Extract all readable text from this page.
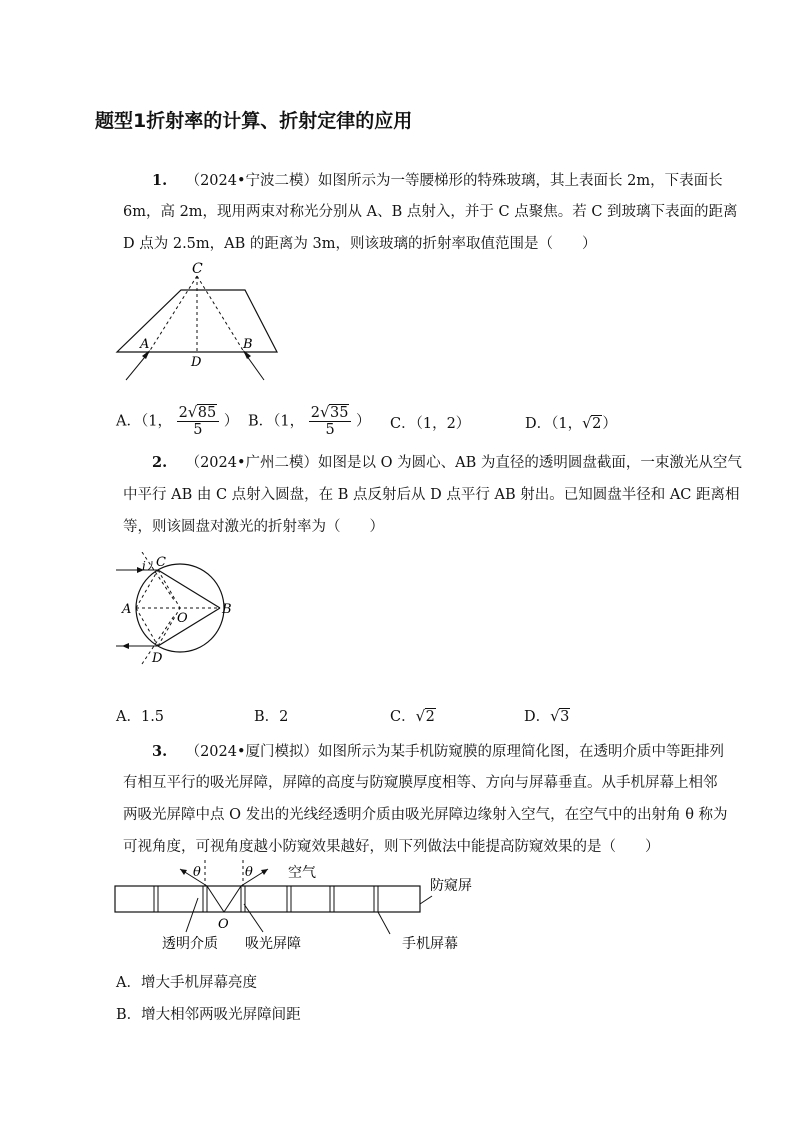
题型1折射率的计算、折射定律的应用
1. （2024•宁波二模）如图所示为一等腰梯形的特殊玻璃，其上表面长 2m，下表面长
6m，高 2m，现用两束对称光分别从 A、B 点射入，并于 C 点聚焦。若 C 到玻璃下表面的距离
D 点为 2.5m，AB 的距离为 3m，则该玻璃的折射率取值范围是（　　）
C
A	B
D
A．（1， $\frac{2 √ 85}{5}$ ） B．（1， $\frac{2 √ 35}{5}$ ） C．（1，2）	D．（1， √ 2）
2. （2024•广州二模）如图是以 O 为圆心、AB 为直径的透明圆盘截面，一束激光从空气
中平行 AB 由 C 点射入圆盘，在 B 点反射后从 D 点平行 AB 射出。已知圆盘半径和 AC 距离相
等，则该圆盘对激光的折射率为（　　）
C
i
A
O
B
D
A．1.5	B．2	C． √ 2	D． √ 3
3. （2024•厦门模拟）如图所示为某手机防窥膜的原理简化图，在透明介质中等距排列
有相互平行的吸光屏障，屏障的高度与防窥膜厚度相等、方向与屏幕垂直。从手机屏幕上相邻
两吸光屏障中点 O 发出的光线经透明介质由吸光屏障边缘射入空气，在空气中的出射角 θ 称为
可视角度，可视角度越小防窥效果越好，则下列做法中能提高防窥效果的是（　　）
θ	θ	空气
防窥屏
O
透明介质 吸光屏障	手机屏幕
A．增大手机屏幕亮度
B．增大相邻两吸光屏障间距
